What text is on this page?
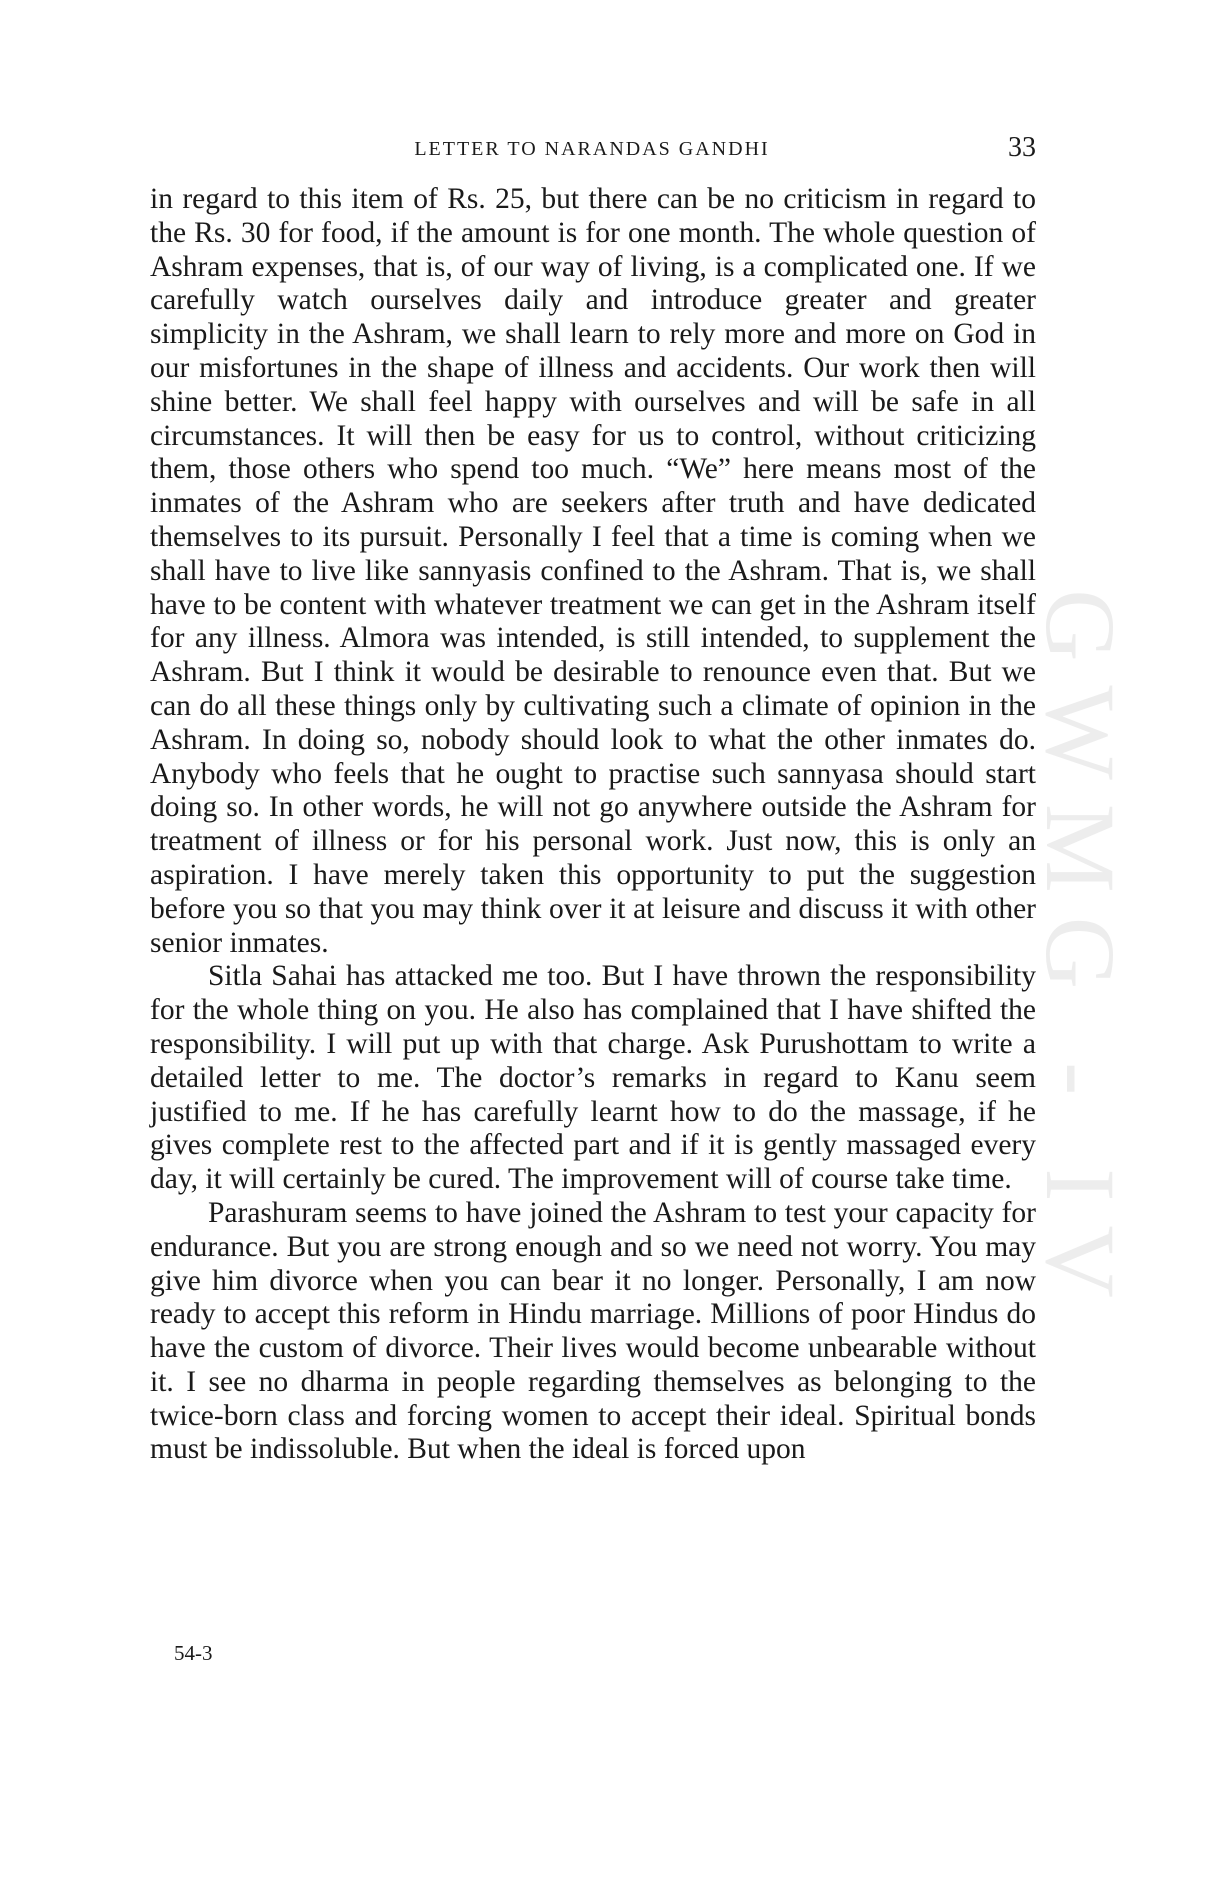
LETTER TO NARANDAS GANDHI	33

in regard to this item of Rs. 25, but there can be no criticism in regard to the Rs. 30 for food, if the amount is for one month. The whole question of Ashram expenses, that is, of our way of living, is a complicated one. If we carefully watch ourselves daily and introduce greater and greater simplicity in the Ashram, we shall learn to rely more and more on God in our misfortunes in the shape of illness and accidents. Our work then will shine better. We shall feel happy with ourselves and will be safe in all circumstances. It will then be easy for us to control, without criticizing them, those others who spend too much. “We” here means most of the inmates of the Ashram who are seekers after truth and have dedicated themselves to its pursuit. Personally I feel that a time is coming when we shall have to live like sannyasis confined to the Ashram. That is, we shall have to be content with whatever treatment we can get in the Ashram itself for any illness. Almora was intended, is still intended, to supplement the Ashram. But I think it would be desirable to renounce even that. But we can do all these things only by cultivating such a climate of opinion in the Ashram. In doing so, nobody should look to what the other inmates do. Anybody who feels that he ought to practise such sannyasa should start doing so. In other words, he will not go anywhere outside the Ashram for treatment of illness or for his personal work. Just now, this is only an aspiration. I have merely taken this opportunity to put the suggestion before you so that you may think over it at leisure and discuss it with other senior inmates.

Sitla Sahai has attacked me too. But I have thrown the responsibility for the whole thing on you. He also has complained that I have shifted the responsibility. I will put up with that charge. Ask Purushottam to write a detailed letter to me. The doctor’s remarks in regard to Kanu seem justified to me. If he has carefully learnt how to do the massage, if he gives complete rest to the affected part and if it is gently massaged every day, it will certainly be cured. The improvement will of course take time.

Parashuram seems to have joined the Ashram to test your capacity for endurance. But you are strong enough and so we need not worry. You may give him divorce when you can bear it no longer. Personally, I am now ready to accept this reform in Hindu marriage. Millions of poor Hindus do have the custom of divorce. Their lives would become unbearable without it. I see no dharma in people regarding themselves as belonging to the twice-born class and forcing women to accept their ideal. Spiritual bonds must be indissoluble. But when the ideal is forced upon

54-3
GWMG - IV
